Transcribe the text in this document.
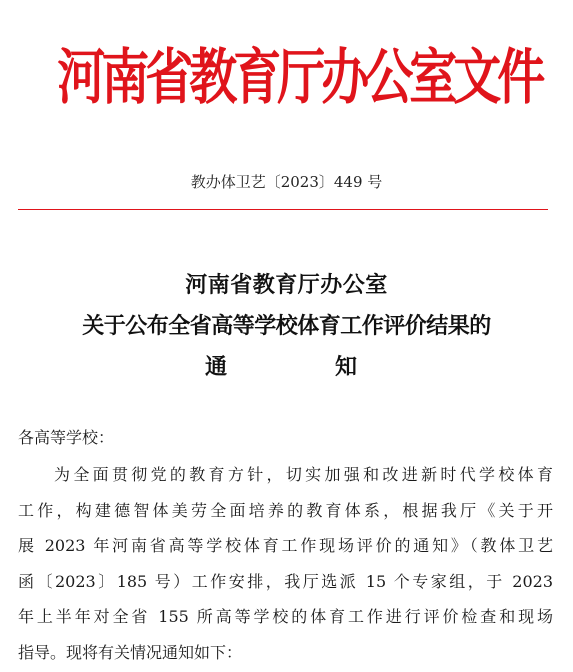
河南省教育厅办公室文件
教办体卫艺〔2023〕449 号
河南省教育厅办公室
关于公布全省高等学校体育工作评价结果的
通	知
各高等学校：
为全面贯彻党的教育方针，切实加强和改进新时代学校体育
工作，构建德智体美劳全面培养的教育体系，根据我厅《关于开
展 2023 年河南省高等学校体育工作现场评价的通知》（教体卫艺
函〔2023〕185 号）工作安排，我厅选派 15 个专家组，于 2023
年上半年对全省 155 所高等学校的体育工作进行评价检查和现场
指导。现将有关情况通知如下：
